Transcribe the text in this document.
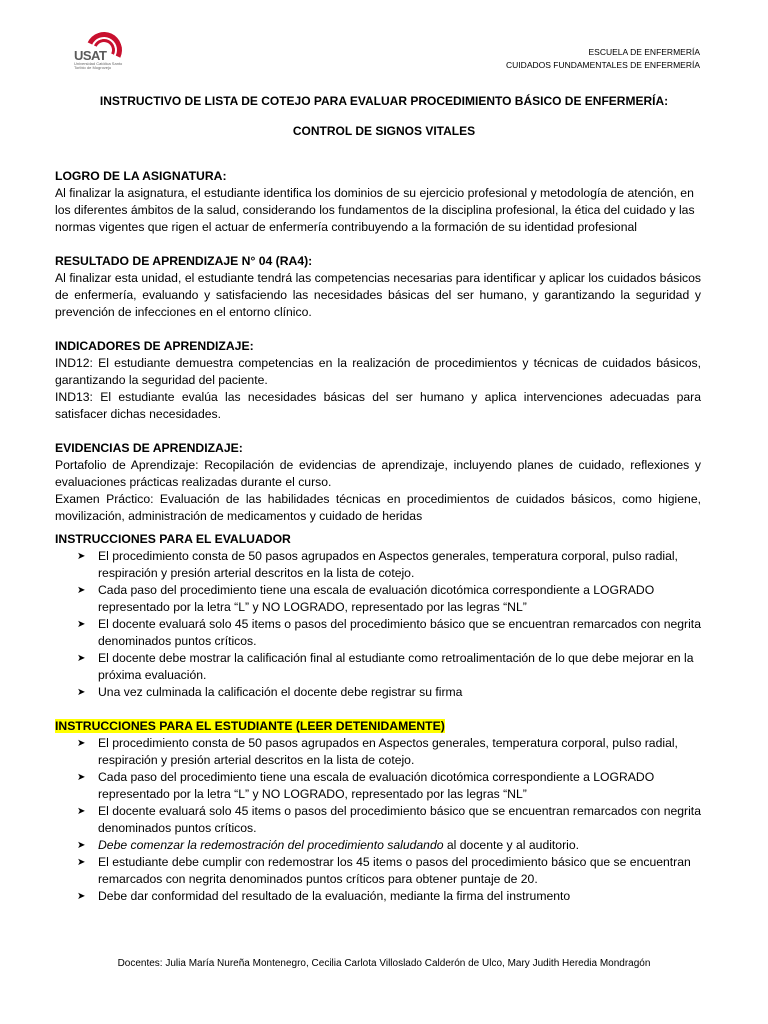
USAT
Universidad Católica Santo Toribio de Mogrovejo
ESCUELA DE ENFERMERÍA
CUIDADOS FUNDAMENTALES DE ENFERMERÍA
INSTRUCTIVO DE LISTA DE COTEJO PARA EVALUAR PROCEDIMIENTO BÁSICO DE ENFERMERÍA:
CONTROL DE SIGNOS VITALES
LOGRO DE LA ASIGNATURA:
Al finalizar la asignatura, el estudiante identifica los dominios de su ejercicio profesional y metodología de atención, en los diferentes ámbitos de la salud, considerando los fundamentos de la disciplina profesional, la ética del cuidado y las normas vigentes que rigen el actuar de enfermería contribuyendo a la formación de su identidad profesional
RESULTADO DE APRENDIZAJE N° 04 (RA4):
Al finalizar esta unidad, el estudiante tendrá las competencias necesarias para identificar y aplicar los cuidados básicos de enfermería, evaluando y satisfaciendo las necesidades básicas del ser humano, y garantizando la seguridad y prevención de infecciones en el entorno clínico.
INDICADORES DE APRENDIZAJE:
IND12: El estudiante demuestra competencias en la realización de procedimientos y técnicas de cuidados básicos, garantizando la seguridad del paciente.
IND13: El estudiante evalúa las necesidades básicas del ser humano y aplica intervenciones adecuadas para satisfacer dichas necesidades.
EVIDENCIAS DE APRENDIZAJE:
Portafolio de Aprendizaje: Recopilación de evidencias de aprendizaje, incluyendo planes de cuidado, reflexiones y evaluaciones prácticas realizadas durante el curso.
Examen Práctico: Evaluación de las habilidades técnicas en procedimientos de cuidados básicos, como higiene, movilización, administración de medicamentos y cuidado de heridas
INSTRUCCIONES PARA EL EVALUADOR
➤ El procedimiento consta de 50 pasos agrupados en Aspectos generales, temperatura corporal, pulso radial, respiración y presión arterial descritos en la lista de cotejo.
➤ Cada paso del procedimiento tiene una escala de evaluación dicotómica correspondiente a LOGRADO representado por la letra “L” y NO LOGRADO, representado por las legras “NL”
➤ El docente evaluará solo 45 items o pasos del procedimiento básico que se encuentran remarcados con negrita denominados puntos críticos.
➤ El docente debe mostrar la calificación final al estudiante como retroalimentación de lo que debe mejorar en la próxima evaluación.
➤ Una vez culminada la calificación el docente debe registrar su firma
INSTRUCCIONES PARA EL ESTUDIANTE (LEER DETENIDAMENTE)
➤ El procedimiento consta de 50 pasos agrupados en Aspectos generales, temperatura corporal, pulso radial, respiración y presión arterial descritos en la lista de cotejo.
➤ Cada paso del procedimiento tiene una escala de evaluación dicotómica correspondiente a LOGRADO representado por la letra “L” y NO LOGRADO, representado por las legras “NL”
➤ El docente evaluará solo 45 items o pasos del procedimiento básico que se encuentran remarcados con negrita denominados puntos críticos.
➤ Debe comenzar la redemostración del procedimiento saludando al docente y al auditorio.
➤ El estudiante debe cumplir con redemostrar los 45 items o pasos del procedimiento básico que se encuentran remarcados con negrita denominados puntos críticos para obtener puntaje de 20.
➤ Debe dar conformidad del resultado de la evaluación, mediante la firma del instrumento
Docentes: Julia María Nureña Montenegro, Cecilia Carlota Villoslado Calderón de Ulco, Mary Judith Heredia Mondragón
